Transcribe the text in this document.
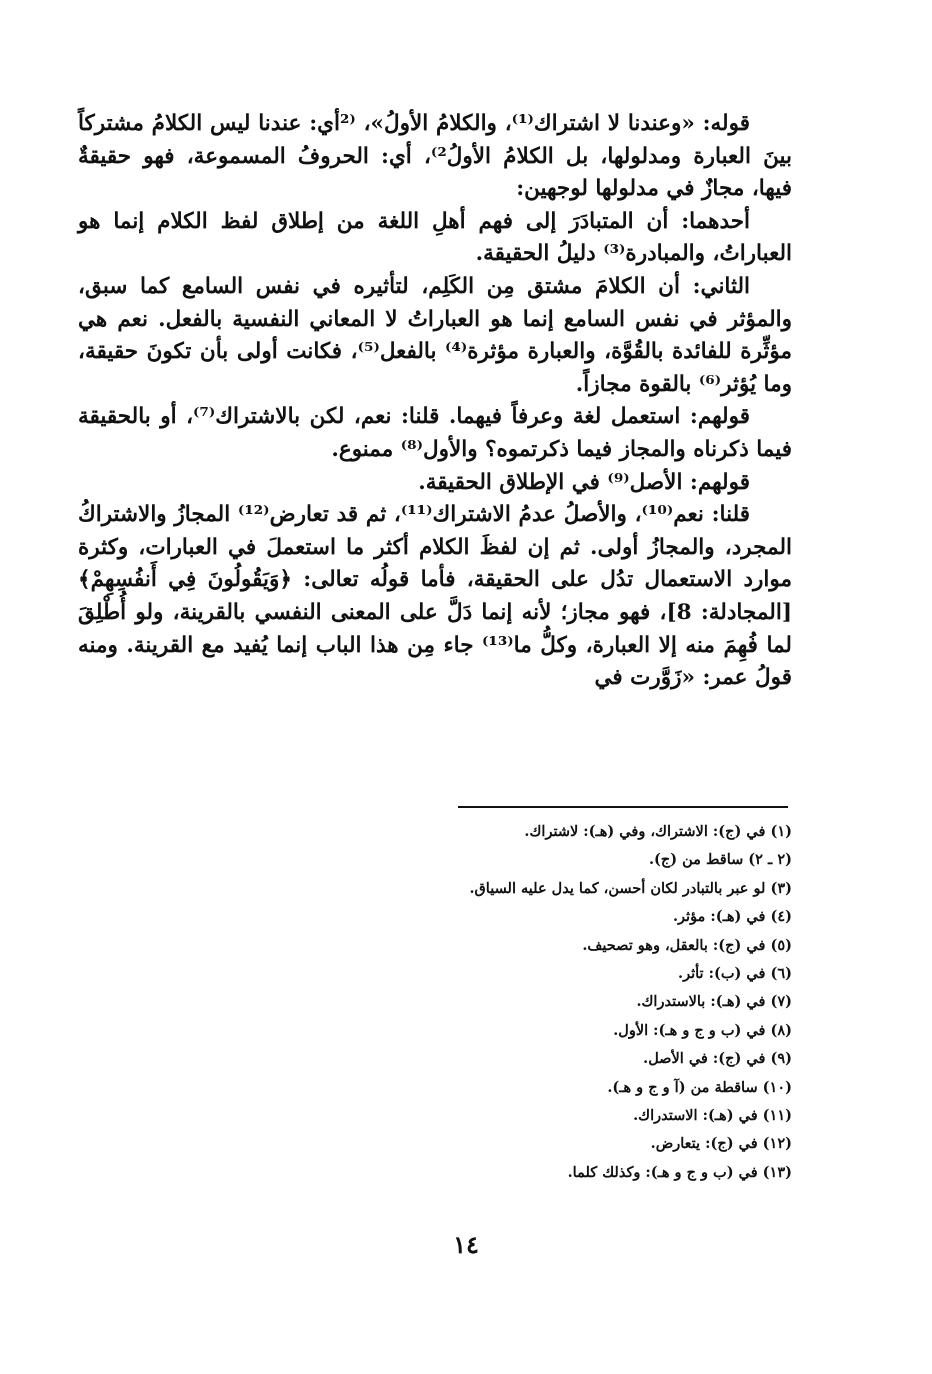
قوله: «وعندنا لا اشتراك⁽¹⁾، والكلامُ الأولُ»، ⁽²أي: عندنا ليس الكلامُ مشتركاً بينَ العبارة ومدلولها، بل الكلامُ الأولُ²⁾، أي: الحروفُ المسموعة، فهو حقيقةٌ فيها، مجازٌ في مدلولها لوجهين:

أحدهما: أن المتبادَرَ إلى فهم أهلِ اللغة من إطلاق لفظ الكلام إنما هو العباراتُ، والمبادرة⁽³⁾ دليلُ الحقيقة.

الثاني: أن الكلامَ مشتق مِن الكَلِم، لتأثيره في نفس السامع كما سبق، والمؤثر في نفس السامع إنما هو العباراتُ لا المعاني النفسية بالفعل. نعم هي مؤثِّرة للفائدة بالقُوَّة، والعبارة مؤثرة⁽⁴⁾ بالفعل⁽⁵⁾، فكانت أولى بأن تكونَ حقيقة، وما يُؤثر⁽⁶⁾ بالقوة مجازاً.

قولهم: استعمل لغة وعرفاً فيهما. قلنا: نعم، لكن بالاشتراك⁽⁷⁾، أو بالحقيقة فيما ذكرناه والمجاز فيما ذكرتموه؟ والأول⁽⁸⁾ ممنوع.

قولهم: الأصل⁽⁹⁾ في الإطلاق الحقيقة.

قلنا: نعم⁽¹⁰⁾، والأصلُ عدمُ الاشتراك⁽¹¹⁾، ثم قد تعارض⁽¹²⁾ المجازُ والاشتراكُ المجرد، والمجازُ أولى. ثم إن لفظَ الكلام أكثر ما استعملَ في العبارات، وكثرة موارد الاستعمال تدُل على الحقيقة، فأما قولُه تعالى: ﴿وَيَقُولُونَ فِي أَنفُسِهِمْ﴾ [المجادلة: 8]، فهو مجاز؛ لأنه إنما دَلَّ على المعنى النفسي بالقرينة، ولو أُطْلِقَ لما فُهِمَ منه إلا العبارة، وكلُّ ما⁽¹³⁾ جاء مِن هذا الباب إنما يُفيد مع القرينة. ومنه قولُ عمر: «زَوَّرت في

(١) في (ج): الاشتراك، وفي (هـ): لاشتراك.
(٢ ـ ٢) ساقط من (ج).
(٣) لو عبر بالتبادر لكان أحسن، كما يدل عليه السياق.
(٤) في (هـ): مؤثر.
(٥) في (ج): بالعقل، وهو تصحيف.
(٦) في (ب): تأثر.
(٧) في (هـ): بالاستدراك.
(٨) في (ب و ج و هـ): الأول.
(٩) في (ج): في الأصل.
(١٠) ساقطة من (آ و ج و هـ).
(١١) في (هـ): الاستدراك.
(١٢) في (ج): يتعارض.
(١٣) في (ب و ج و هـ): وكذلك كلما.
١٤
